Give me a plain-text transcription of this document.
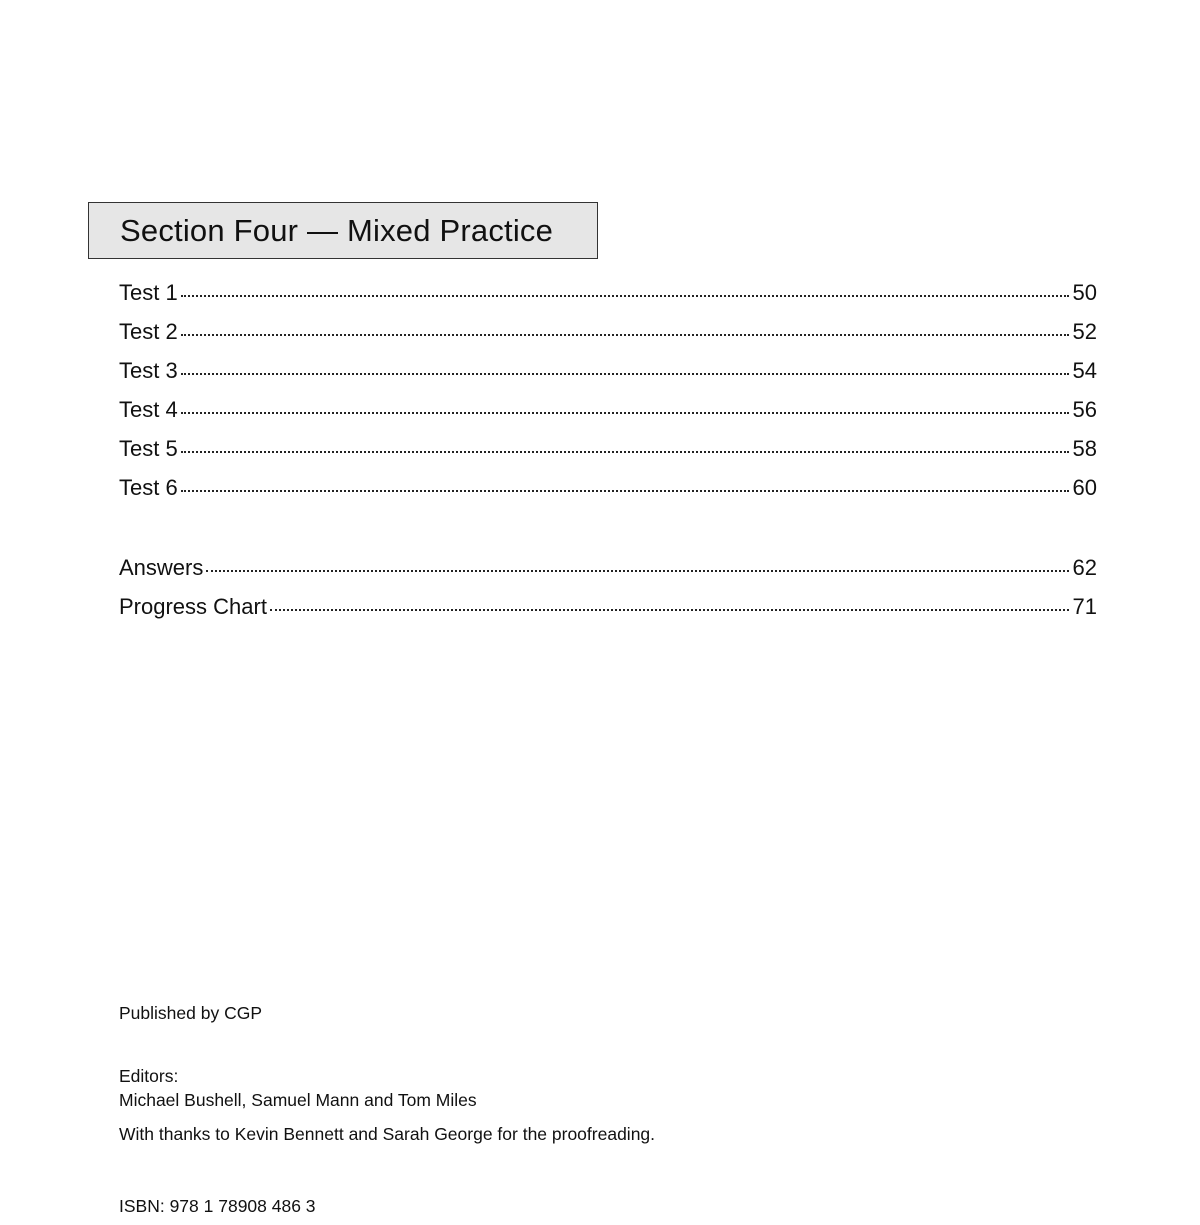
Section Four — Mixed Practice
Test 1	50
Test 2	52
Test 3	54
Test 4	56
Test 5	58
Test 6	60
Answers	62
Progress Chart	71

Published by CGP

Editors:

Michael Bushell, Samuel Mann and Tom Miles

With thanks to Kevin Bennett and Sarah George for the proofreading.

ISBN: 978 1 78908 486 3
